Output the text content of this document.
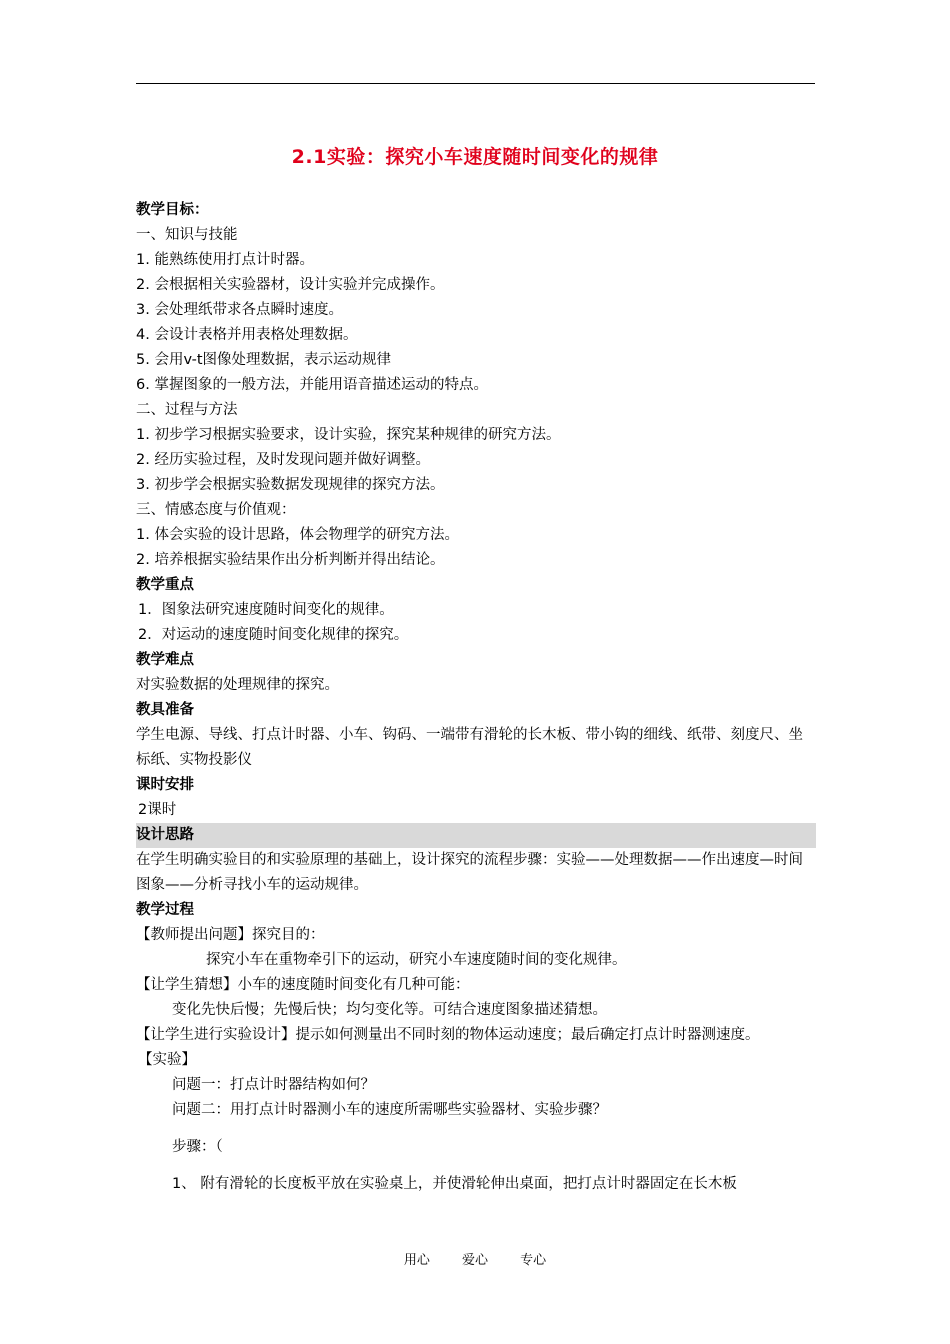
2.1实验：探究小车速度随时间变化的规律
教学目标：
一、知识与技能
1. 能熟练使用打点计时器。
2. 会根据相关实验器材，设计实验并完成操作。
3. 会处理纸带求各点瞬时速度。
4. 会设计表格并用表格处理数据。
5. 会用v-t图像处理数据，表示运动规律
6. 掌握图象的一般方法，并能用语音描述运动的特点。
二、过程与方法
1. 初步学习根据实验要求，设计实验，探究某种规律的研究方法。
2. 经历实验过程，及时发现问题并做好调整。
3. 初步学会根据实验数据发现规律的探究方法。
三、情感态度与价值观：
1. 体会实验的设计思路，体会物理学的研究方法。
2. 培养根据实验结果作出分析判断并得出结论。
教学重点
1．图象法研究速度随时间变化的规律。
2．对运动的速度随时间变化规律的探究。
教学难点
对实验数据的处理规律的探究。
教具准备
学生电源、导线、打点计时器、小车、钩码、一端带有滑轮的长木板、带小钩的细线、纸带、刻度尺、坐标纸、实物投影仪
课时安排
2课时
设计思路
在学生明确实验目的和实验原理的基础上，设计探究的流程步骤：实验——处理数据——作出速度—时间图象——分析寻找小车的运动规律。
教学过程
【教师提出问题】探究目的：
探究小车在重物牵引下的运动，研究小车速度随时间的变化规律。
【让学生猜想】小车的速度随时间变化有几种可能：
变化先快后慢；先慢后快；均匀变化等。可结合速度图象描述猜想。
【让学生进行实验设计】提示如何测量出不同时刻的物体运动速度；最后确定打点计时器测速度。
【实验】
问题一：打点计时器结构如何？
问题二：用打点计时器测小车的速度所需哪些实验器材、实验步骤？
步骤：（
1、 附有滑轮的长度板平放在实验桌上，并使滑轮伸出桌面，把打点计时器固定在长木板
用心 爱心 专心
